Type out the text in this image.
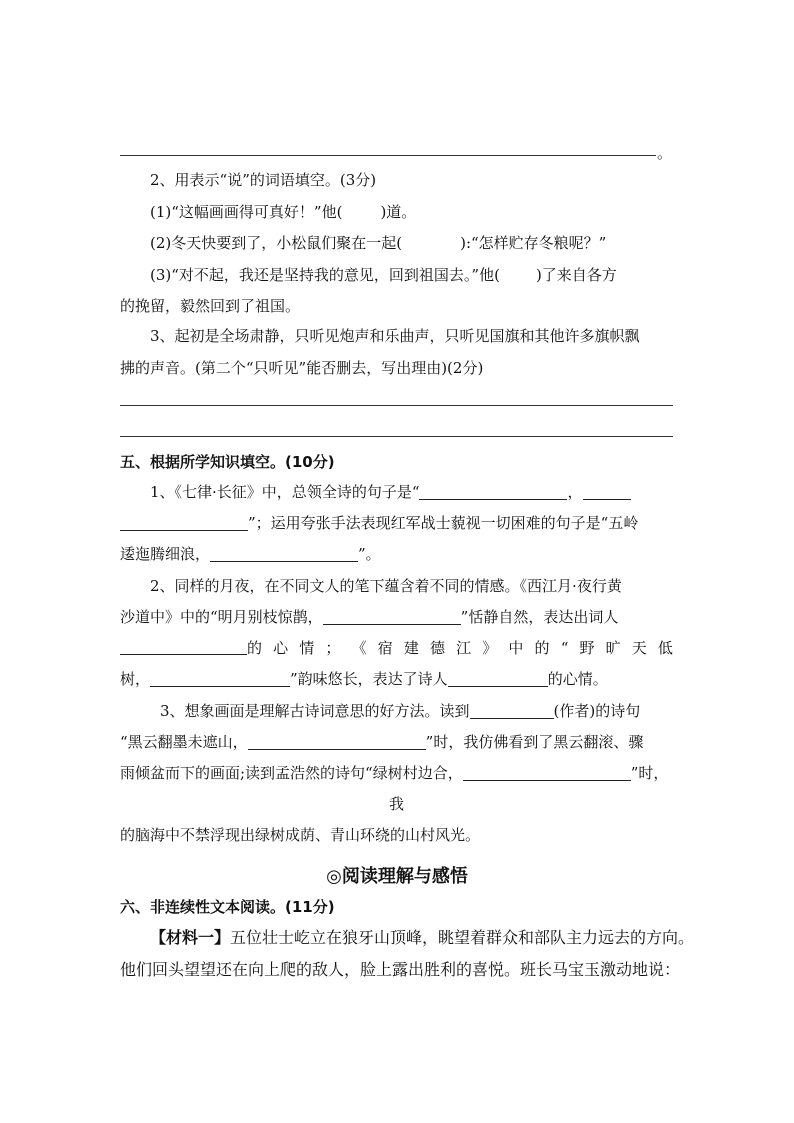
。
2、用表示“说”的词语填空。(3分)
(1)“这幅画画得可真好！”他(	)道。
(2)冬天快要到了，小松鼠们聚在一起(	):“怎样贮存冬粮呢？”
(3)“对不起，我还是坚持我的意见，回到祖国去。”他( )了来自各方
的挽留，毅然回到了祖国。
3、起初是全场肃静，只听见炮声和乐曲声，只听见国旗和其他许多旗帜飘
拂的声音。(第二个“只听见”能否删去，写出理由)(2分)
五、根据所学知识填空。(10分)
1、《七律·长征》中，总领全诗的句子是“	，
”；运用夸张手法表现红军战士藐视一切困难的句子是“五岭
逶迤腾细浪，	”。
2、同样的月夜，在不同文人的笔下蕴含着不同的情感。《西江月·夜行黄
沙道中》中的“明月别枝惊鹊，	”恬静自然，表达出词人
的 心 情 ； 《 宿 建 德 江 》 中 的 “ 野 旷 天 低
树，	”韵味悠长，表达了诗人	的心情。
3、想象画面是理解古诗词意思的好方法。读到	(作者)的诗句
“黑云翻墨未遮山，	”时，我仿佛看到了黑云翻滚、骤
雨倾盆而下的画面;读到孟浩然的诗句“绿树村边合，	”时，
我
的脑海中不禁浮现出绿树成荫、青山环绕的山村风光。
◎阅读理解与感悟
六、非连续性文本阅读。(11分)
【材料一】五位壮士屹立在狼牙山顶峰，眺望着群众和部队主力远去的方向。
他们回头望望还在向上爬的敌人，脸上露出胜利的喜悦。班长马宝玉激动地说：
